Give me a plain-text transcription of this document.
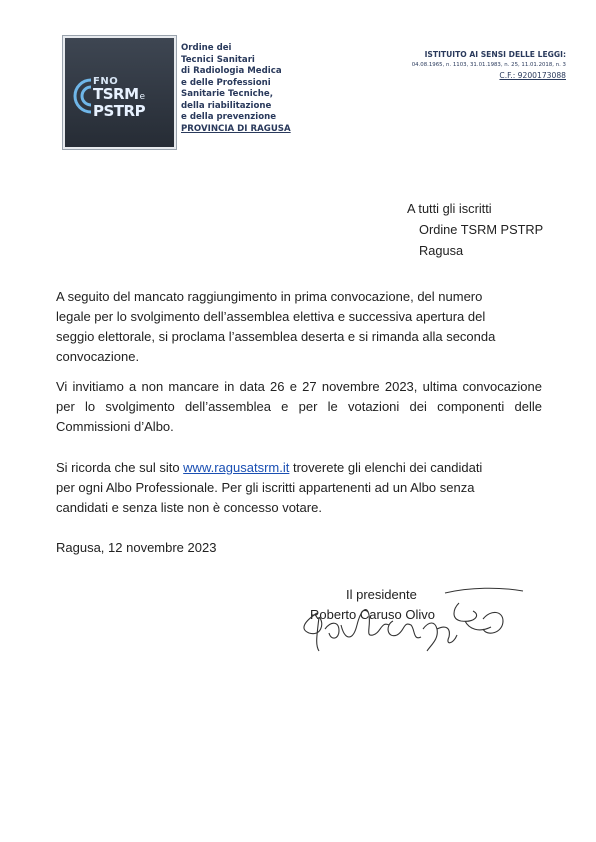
FNO
TSRMe
PSTRP
Ordine dei
Tecnici Sanitari
di Radiologia Medica
e delle Professioni
Sanitarie Tecniche,
della riabilitazione
e della prevenzione
PROVINCIA DI RAGUSA
ISTITUITO AI SENSI DELLE LEGGI:
04.08.1965, n. 1103, 31.01.1983, n. 25, 11.01.2018, n. 3
C.F.: 9200173088
A tutti gli iscritti
Ordine TSRM PSTRP
Ragusa
A seguito del mancato raggiungimento in prima convocazione, del numero
legale per lo svolgimento dell’assemblea elettiva e successiva apertura del
seggio elettorale, si proclama l’assemblea deserta e si rimanda alla seconda
convocazione.
Vi invitiamo a non mancare in data 26 e 27 novembre 2023, ultima convocazione per lo svolgimento dell’assemblea e per le votazioni dei componenti delle Commissioni d’Albo.
Si ricorda che sul sito www.ragusatsrm.it troverete gli elenchi dei candidati
per ogni Albo Professionale. Per gli iscritti appartenenti ad un Albo senza
candidati e senza liste non è concesso votare.
Ragusa, 12 novembre 2023
Il presidente
Roberto Caruso Olivo
